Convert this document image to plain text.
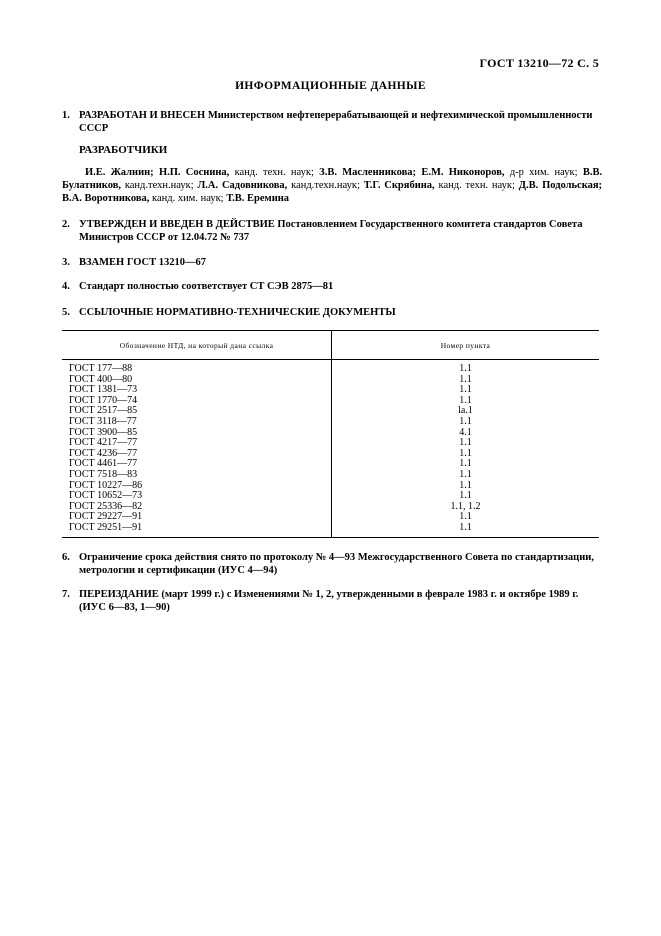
ГОСТ 13210—72 С. 5
ИНФОРМАЦИОННЫЕ ДАННЫЕ
1. РАЗРАБОТАН И ВНЕСЕН Министерством нефтеперерабатывающей и нефтехимической промышленности СССР
РАЗРАБОТЧИКИ
И.Е. Жалнин; Н.П. Соснина, канд. техн. наук; З.В. Масленникова; Е.М. Никоноров, д-р хим. наук; В.В. Булатников, канд.техн.наук; Л.А. Садовникова, канд.техн.наук; Т.Г. Скрябина, канд. техн. наук; Д.В. Подольская; В.А. Воротникова, канд. хим. наук; Т.В. Еремина
2. УТВЕРЖДЕН И ВВЕДЕН В ДЕЙСТВИЕ Постановлением Государственного комитета стандартов Совета Министров СССР от 12.04.72 № 737
3. ВЗАМЕН ГОСТ 13210—67
4. Стандарт полностью соответствует СТ СЭВ 2875—81
5. ССЫЛОЧНЫЕ НОРМАТИВНО-ТЕХНИЧЕСКИЕ ДОКУМЕНТЫ
Обозначение НТД, на который дана ссылка	Номер пункта
ГОСТ 177—88	1.1
ГОСТ 400—80	1.1
ГОСТ 1381—73	1.1
ГОСТ 1770—74	1.1
ГОСТ 2517—85	la.1
ГОСТ 3118—77	1.1
ГОСТ 3900—85	4.1
ГОСТ 4217—77	1.1
ГОСТ 4236—77	1.1
ГОСТ 4461—77	1.1
ГОСТ 7518—83	1.1
ГОСТ 10227—86	1.1
ГОСТ 10652—73	1.1
ГОСТ 25336—82	1.1, 1.2
ГОСТ 29227—91	1.1
ГОСТ 29251—91	1.1
6. Ограничение срока действия снято по протоколу № 4—93 Межгосударственного Совета по стандартизации, метрологии и сертификации (ИУС 4—94)
7. ПЕРЕИЗДАНИЕ (март 1999 г.) с Изменениями № 1, 2, утвержденными в феврале 1983 г. и октябре 1989 г. (ИУС 6—83, 1—90)
